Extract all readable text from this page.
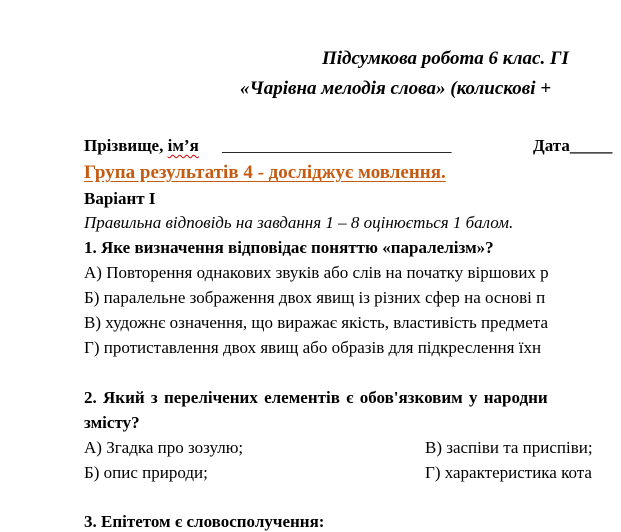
Підсумкова робота 6 клас. ГІ
«Чарівна мелодія слова» (колискові +
Прізвище, ім’я ___________________________	Дата_____
Група результатів 4 - досліджує мовлення.
Варіант І
Правильна відповідь на завдання 1 – 8 оцінюється 1 балом.
1. Яке визначення відповідає поняттю «паралелізм»?
А) Повторення однакових звуків або слів на початку віршових р
Б) паралельне зображення двох явищ із різних сфер на основі п
В) художнє означення, що виражає якість, властивість предмета
Г) протиставлення двох явищ або образів для підкреслення їхн
2. Який з перелічених елементів є обов'язковим у народни
змісту?
А) Згадка про зозулю;
Б) опис природи;
В) заспіви та приспіви;
Г) характеристика кота
3. Епітетом є словосполучення:
